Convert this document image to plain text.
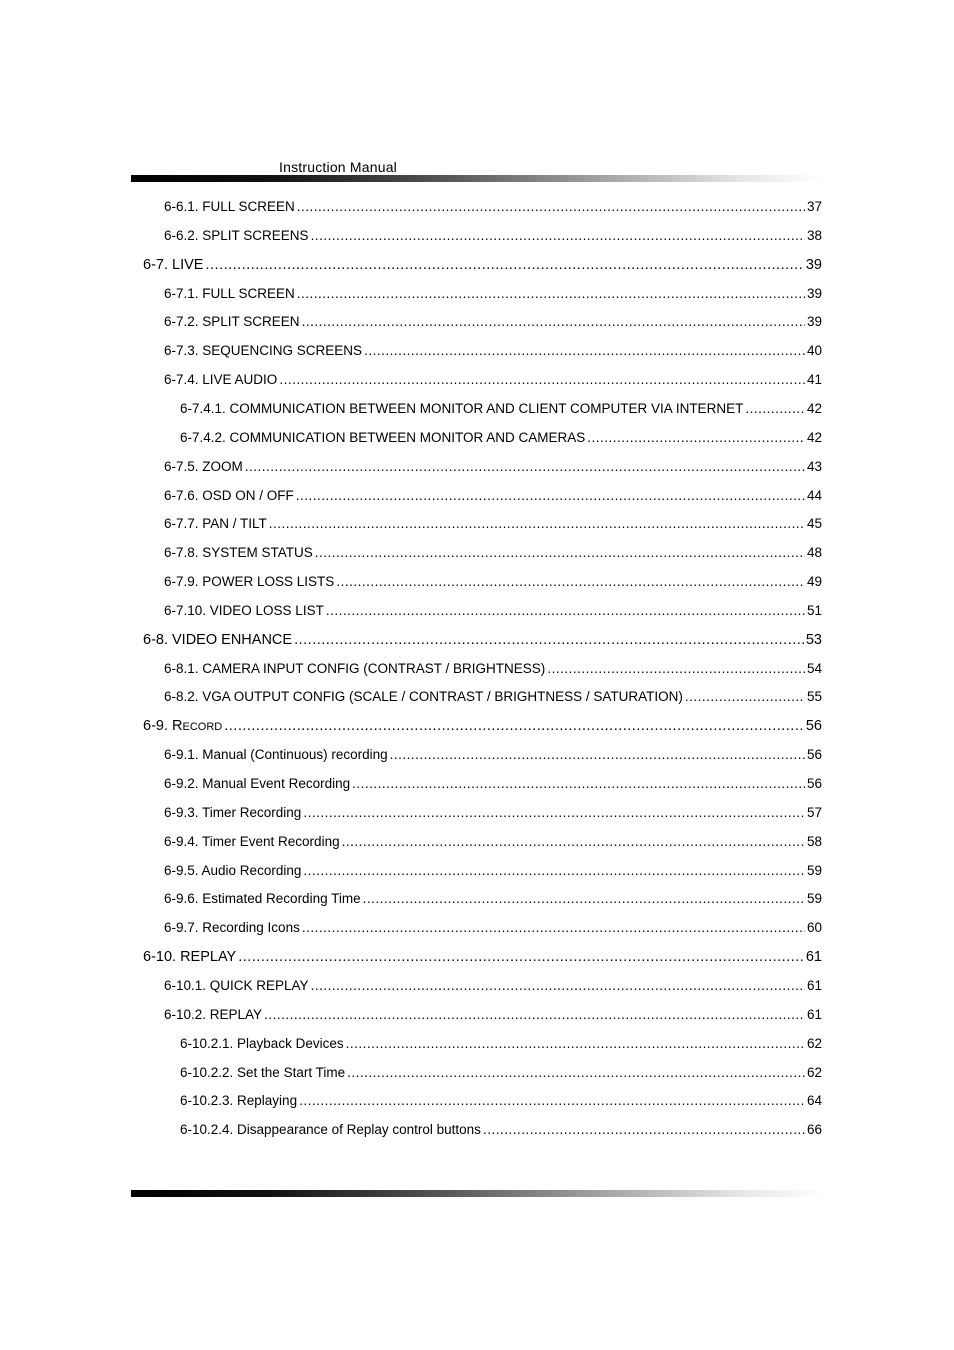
Instruction Manual
6-6.1. FULL SCREEN .....	37
6-6.2. SPLIT SCREENS .....	38
6-7. LIVE .....	39
6-7.1. FULL SCREEN .....	39
6-7.2. SPLIT SCREEN .....	39
6-7.3. SEQUENCING SCREENS .....	40
6-7.4. LIVE AUDIO .....	41
6-7.4.1. COMMUNICATION BETWEEN MONITOR AND CLIENT COMPUTER VIA INTERNET .....	42
6-7.4.2. COMMUNICATION BETWEEN MONITOR AND CAMERAS .....	42
6-7.5. ZOOM .....	43
6-7.6. OSD ON / OFF .....	44
6-7.7. PAN / TILT .....	45
6-7.8. SYSTEM STATUS .....	48
6-7.9. POWER LOSS LISTS .....	49
6-7.10. VIDEO LOSS LIST .....	51
6-8. VIDEO ENHANCE .....	53
6-8.1. CAMERA INPUT CONFIG (CONTRAST / BRIGHTNESS) .....	54
6-8.2. VGA OUTPUT CONFIG (SCALE / CONTRAST / BRIGHTNESS / SATURATION) .....	55
6-9. R ECORD .....	56
6-9.1. Manual (Continuous) recording .....	56
6-9.2. Manual Event Recording .....	56
6-9.3. Timer Recording .....	57
6-9.4. Timer Event Recording .....	58
6-9.5. Audio Recording .....	59
6-9.6. Estimated Recording Time .....	59
6-9.7. Recording Icons .....	60
6-10. REPLAY .....	61
6-10.1. QUICK REPLAY .....	61
6-10.2. REPLAY .....	61
6-10.2.1. Playback Devices .....	62
6-10.2.2. Set the Start Time .....	62
6-10.2.3. Replaying .....	64
6-10.2.4. Disappearance of Replay control buttons .....	66
